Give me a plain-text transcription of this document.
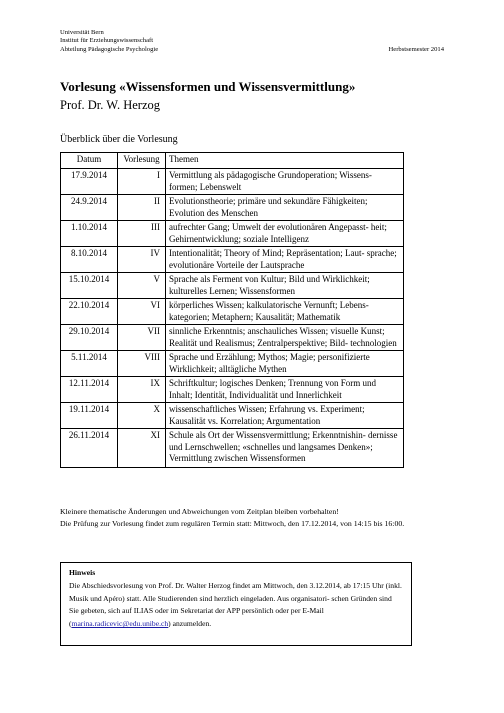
Universität Bern
Institut für Erziehungswissenschaft
Abteilung Pädagogische Psychologie	Herbstsemester 2014
Vorlesung «Wissensformen und Wissensvermittlung»
Prof. Dr. W. Herzog
Überblick über die Vorlesung
Datum	Vorlesung	Themen
17.9.2014	I	Vermittlung als pädagogische Grundoperation; Wissens- formen; Lebenswelt
24.9.2014	II	Evolutionstheorie; primäre und sekundäre Fähigkeiten; Evolution des Menschen
1.10.2014	III	aufrechter Gang; Umwelt der evolutionären Angepasst- heit; Gehirnentwicklung; soziale Intelligenz
8.10.2014	IV	Intentionalität; Theory of Mind; Repräsentation; Laut- sprache; evolutionäre Vorteile der Lautsprache
15.10.2014	V	Sprache als Ferment von Kultur; Bild und Wirklichkeit; kulturelles Lernen; Wissensformen
22.10.2014	VI	körperliches Wissen; kalkulatorische Vernunft; Lebens- kategorien; Metaphern; Kausalität; Mathematik
29.10.2014	VII	sinnliche Erkenntnis; anschauliches Wissen; visuelle Kunst; Realität und Realismus; Zentralperspektive; Bild- technologien
5.11.2014	VIII	Sprache und Erzählung; Mythos; Magie; personifizierte Wirklichkeit; alltägliche Mythen
12.11.2014	IX	Schriftkultur; logisches Denken; Trennung von Form und Inhalt; Identität, Individualität und Innerlichkeit
19.11.2014	X	wissenschaftliches Wissen; Erfahrung vs. Experiment; Kausalität vs. Korrelation; Argumentation
26.11.2014	XI	Schule als Ort der Wissensvermittlung; Erkenntnishin- dernisse und Lernschwellen; «schnelles und langsames Denken»; Vermittlung zwischen Wissensformen

Kleinere thematische Änderungen und Abweichungen vom Zeitplan bleiben vorbehalten!

Die Prüfung zur Vorlesung findet zum regulären Termin statt: Mittwoch, den 17.12.2014, von 14:15 bis 16:00.

Hinweis

Die Abschiedsvorlesung von Prof. Dr. Walter Herzog findet am Mittwoch, den 3.12.2014, ab 17:15 Uhr (inkl. Musik und Apéro) statt. Alle Studierenden sind herzlich eingeladen. Aus organisatori- schen Gründen sind Sie gebeten, sich auf ILIAS oder im Sekretariat der APP persönlich oder per E-Mail (marina.radicevic@edu.unibe.ch) anzumelden.
